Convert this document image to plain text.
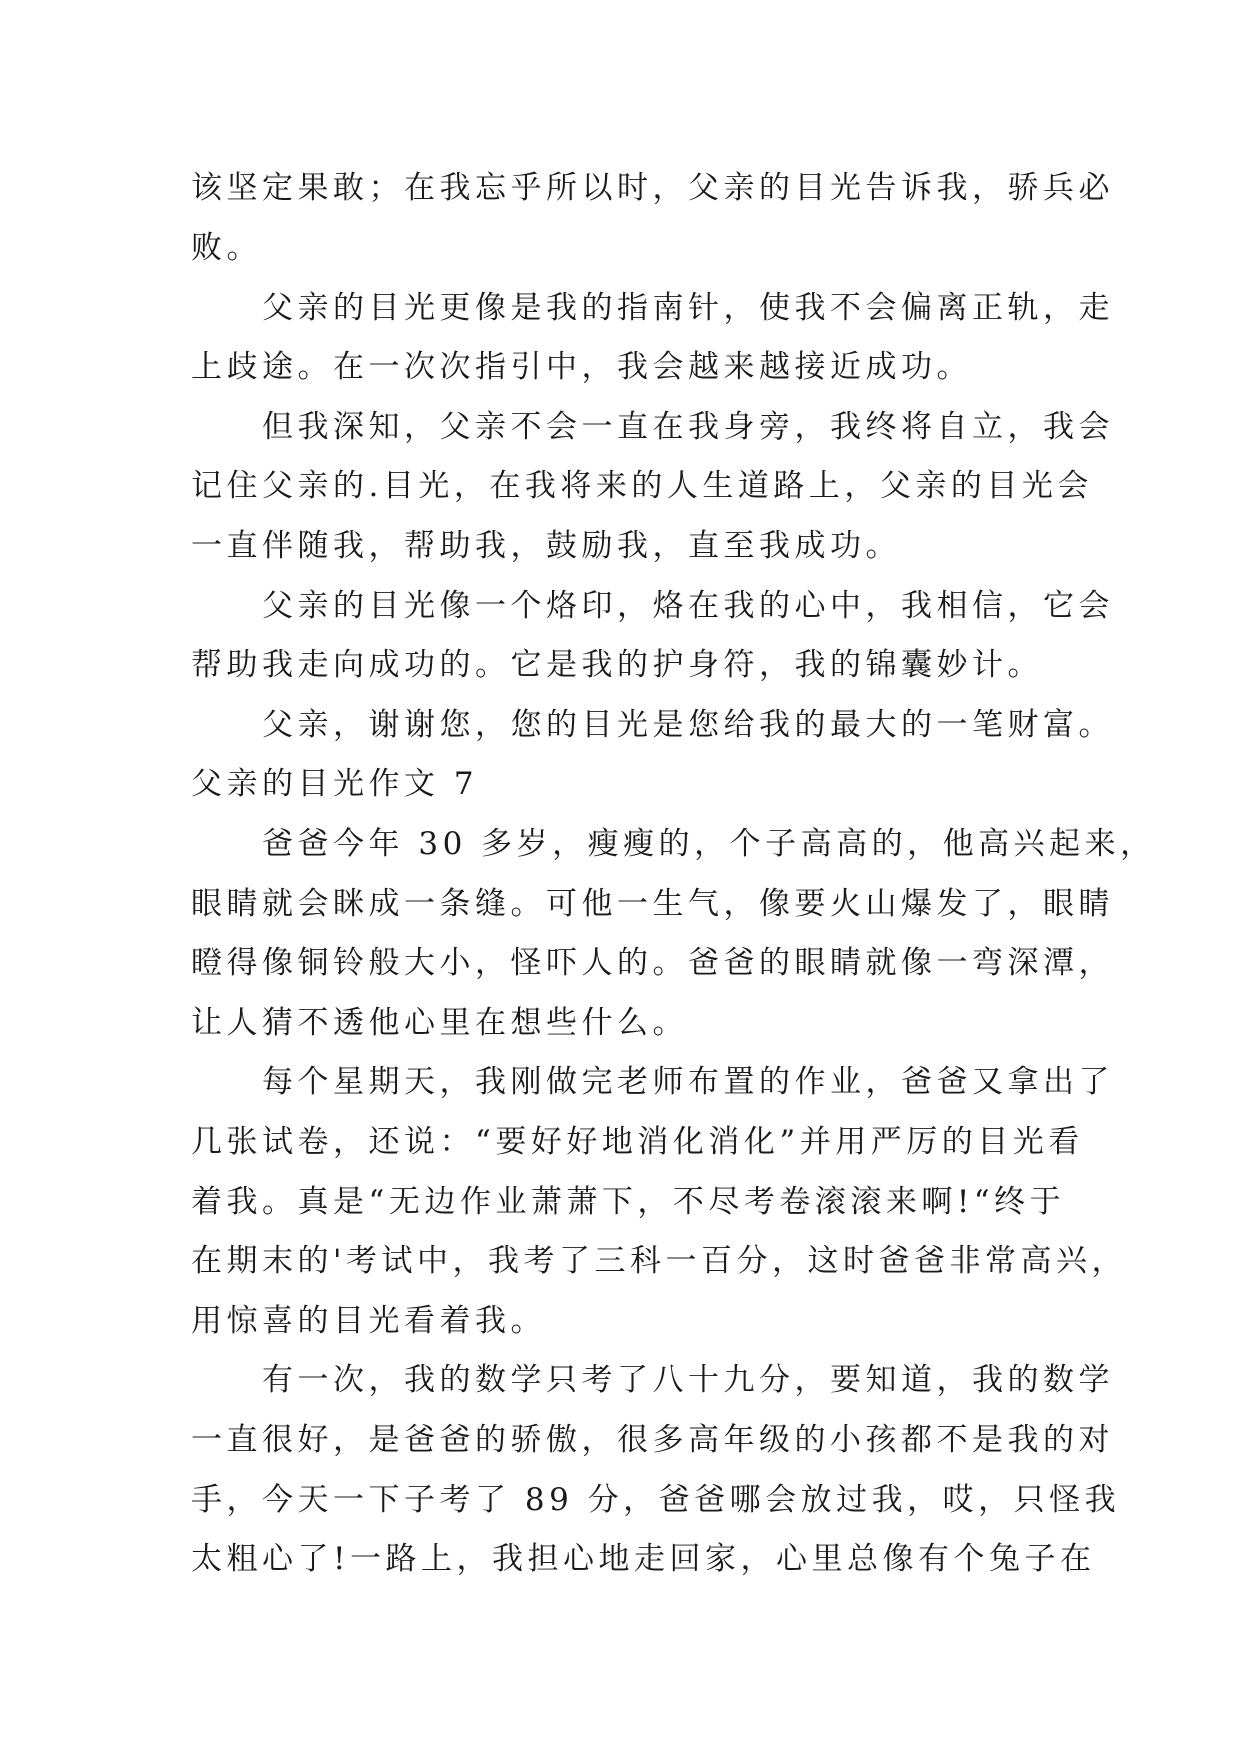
该坚定果敢；在我忘乎所以时，父亲的目光告诉我，骄兵必
败。
　　父亲的目光更像是我的指南针，使我不会偏离正轨，走
上歧途。在一次次指引中，我会越来越接近成功。
　　但我深知，父亲不会一直在我身旁，我终将自立，我会
记住父亲的.目光，在我将来的人生道路上，父亲的目光会
一直伴随我，帮助我，鼓励我，直至我成功。
　　父亲的目光像一个烙印，烙在我的心中，我相信，它会
帮助我走向成功的。它是我的护身符，我的锦囊妙计。
　　父亲，谢谢您，您的目光是您给我的最大的一笔财富。
父亲的目光作文 7
　　爸爸今年 30 多岁，瘦瘦的，个子高高的，他高兴起来，
眼睛就会眯成一条缝。可他一生气，像要火山爆发了，眼睛
瞪得像铜铃般大小，怪吓人的。爸爸的眼睛就像一弯深潭，
让人猜不透他心里在想些什么。
　　每个星期天，我刚做完老师布置的作业，爸爸又拿出了
几张试卷，还说：“要好好地消化消化”并用严厉的目光看
着我。真是“无边作业萧萧下，不尽考卷滚滚来啊!“终于
在期末的'考试中，我考了三科一百分，这时爸爸非常高兴，
用惊喜的目光看着我。
　　有一次，我的数学只考了八十九分，要知道，我的数学
一直很好，是爸爸的骄傲，很多高年级的小孩都不是我的对
手，今天一下子考了 89 分，爸爸哪会放过我，哎，只怪我
太粗心了!一路上，我担心地走回家，心里总像有个兔子在
